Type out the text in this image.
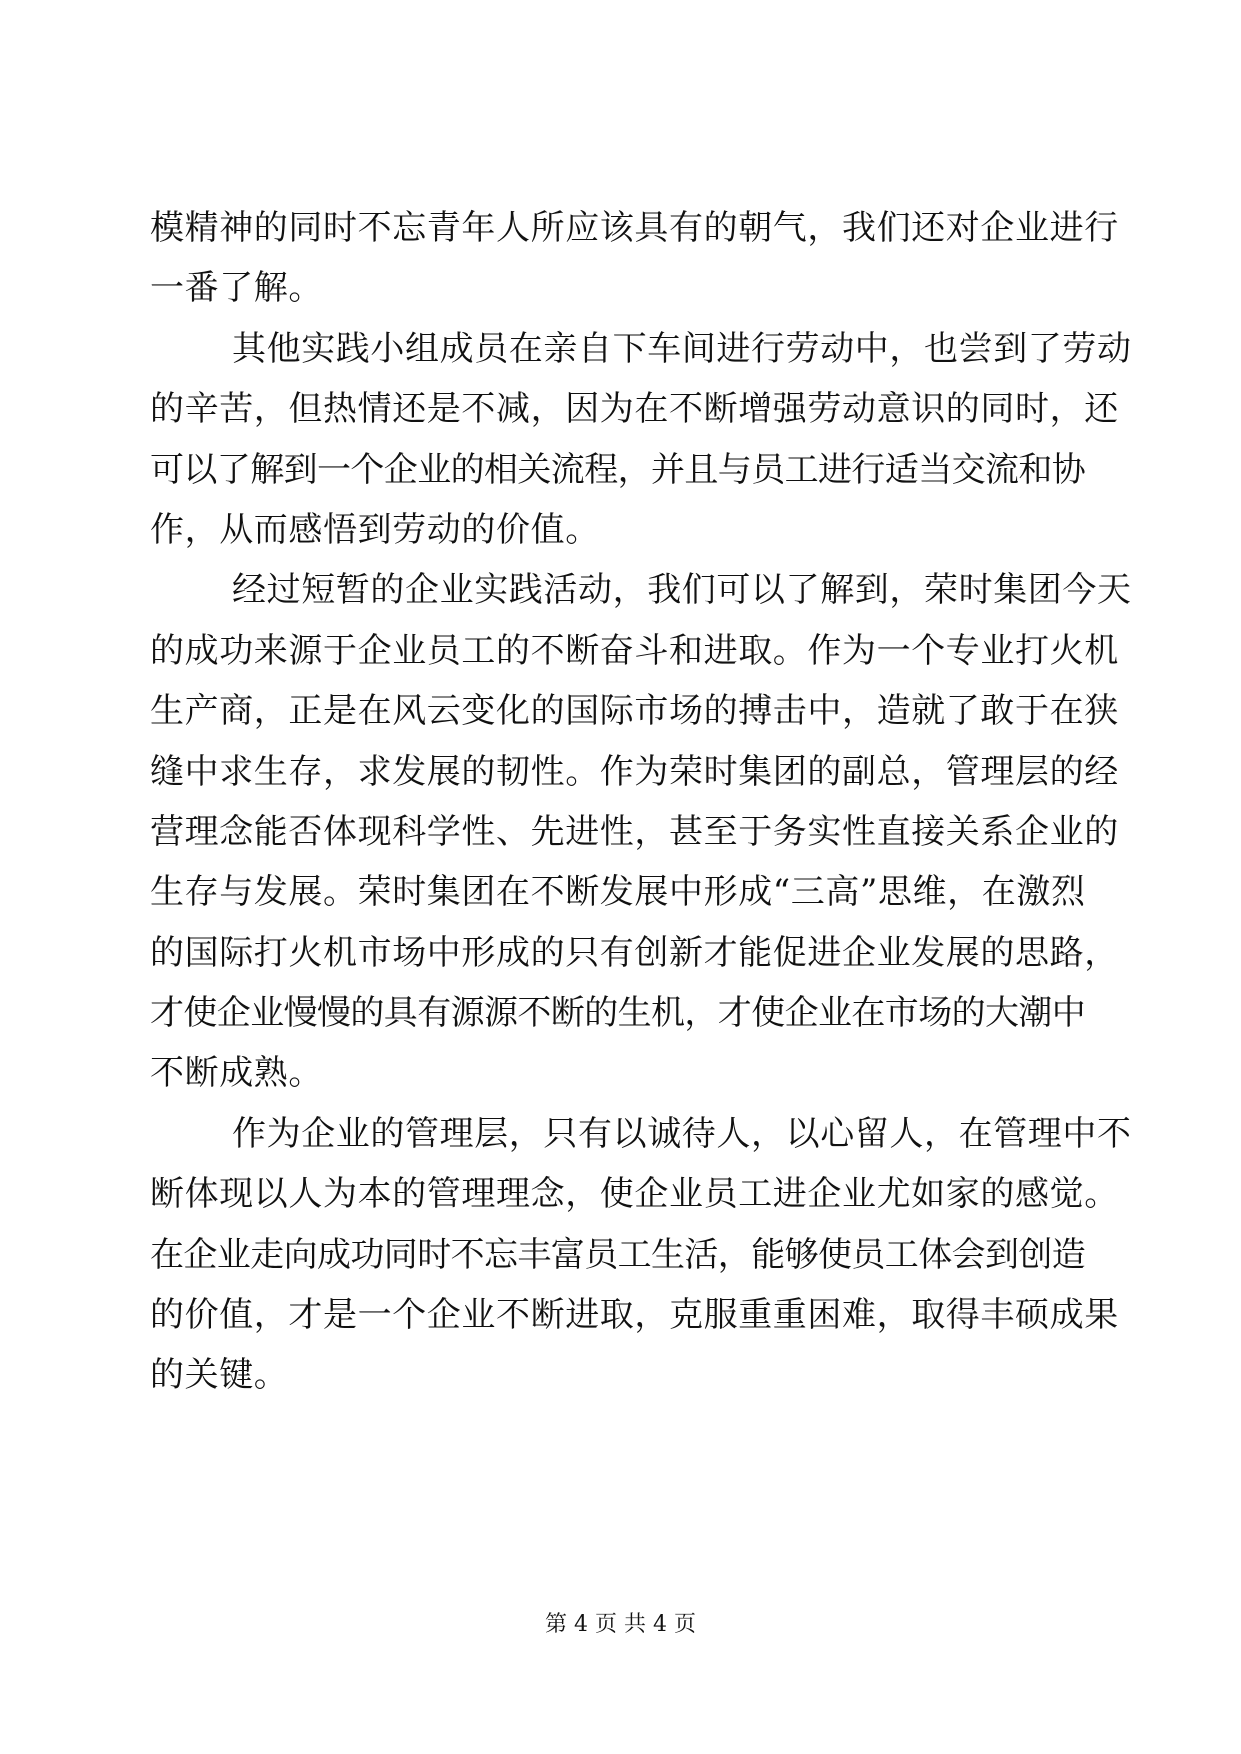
模精神的同时不忘青年人所应该具有的朝气，我们还对企业进行
一番了解。
其他实践小组成员在亲自下车间进行劳动中，也尝到了劳动
的辛苦，但热情还是不减，因为在不断增强劳动意识的同时，还
可以了解到一个企业的相关流程，并且与员工进行适当交流和协
作，从而感悟到劳动的价值。
经过短暂的企业实践活动，我们可以了解到，荣时集团今天
的成功来源于企业员工的不断奋斗和进取。作为一个专业打火机
生产商，正是在风云变化的国际市场的搏击中，造就了敢于在狭
缝中求生存，求发展的韧性。作为荣时集团的副总，管理层的经
营理念能否体现科学性、先进性，甚至于务实性直接关系企业的
生存与发展。荣时集团在不断发展中形成“三高”思维，在激烈
的国际打火机市场中形成的只有创新才能促进企业发展的思路，
才使企业慢慢的具有源源不断的生机，才使企业在市场的大潮中
不断成熟。
作为企业的管理层，只有以诚待人，以心留人，在管理中不
断体现以人为本的管理理念，使企业员工进企业尤如家的感觉。
在企业走向成功同时不忘丰富员工生活，能够使员工体会到创造
的价值，才是一个企业不断进取，克服重重困难，取得丰硕成果
的关键。
第 4 页 共 4 页
